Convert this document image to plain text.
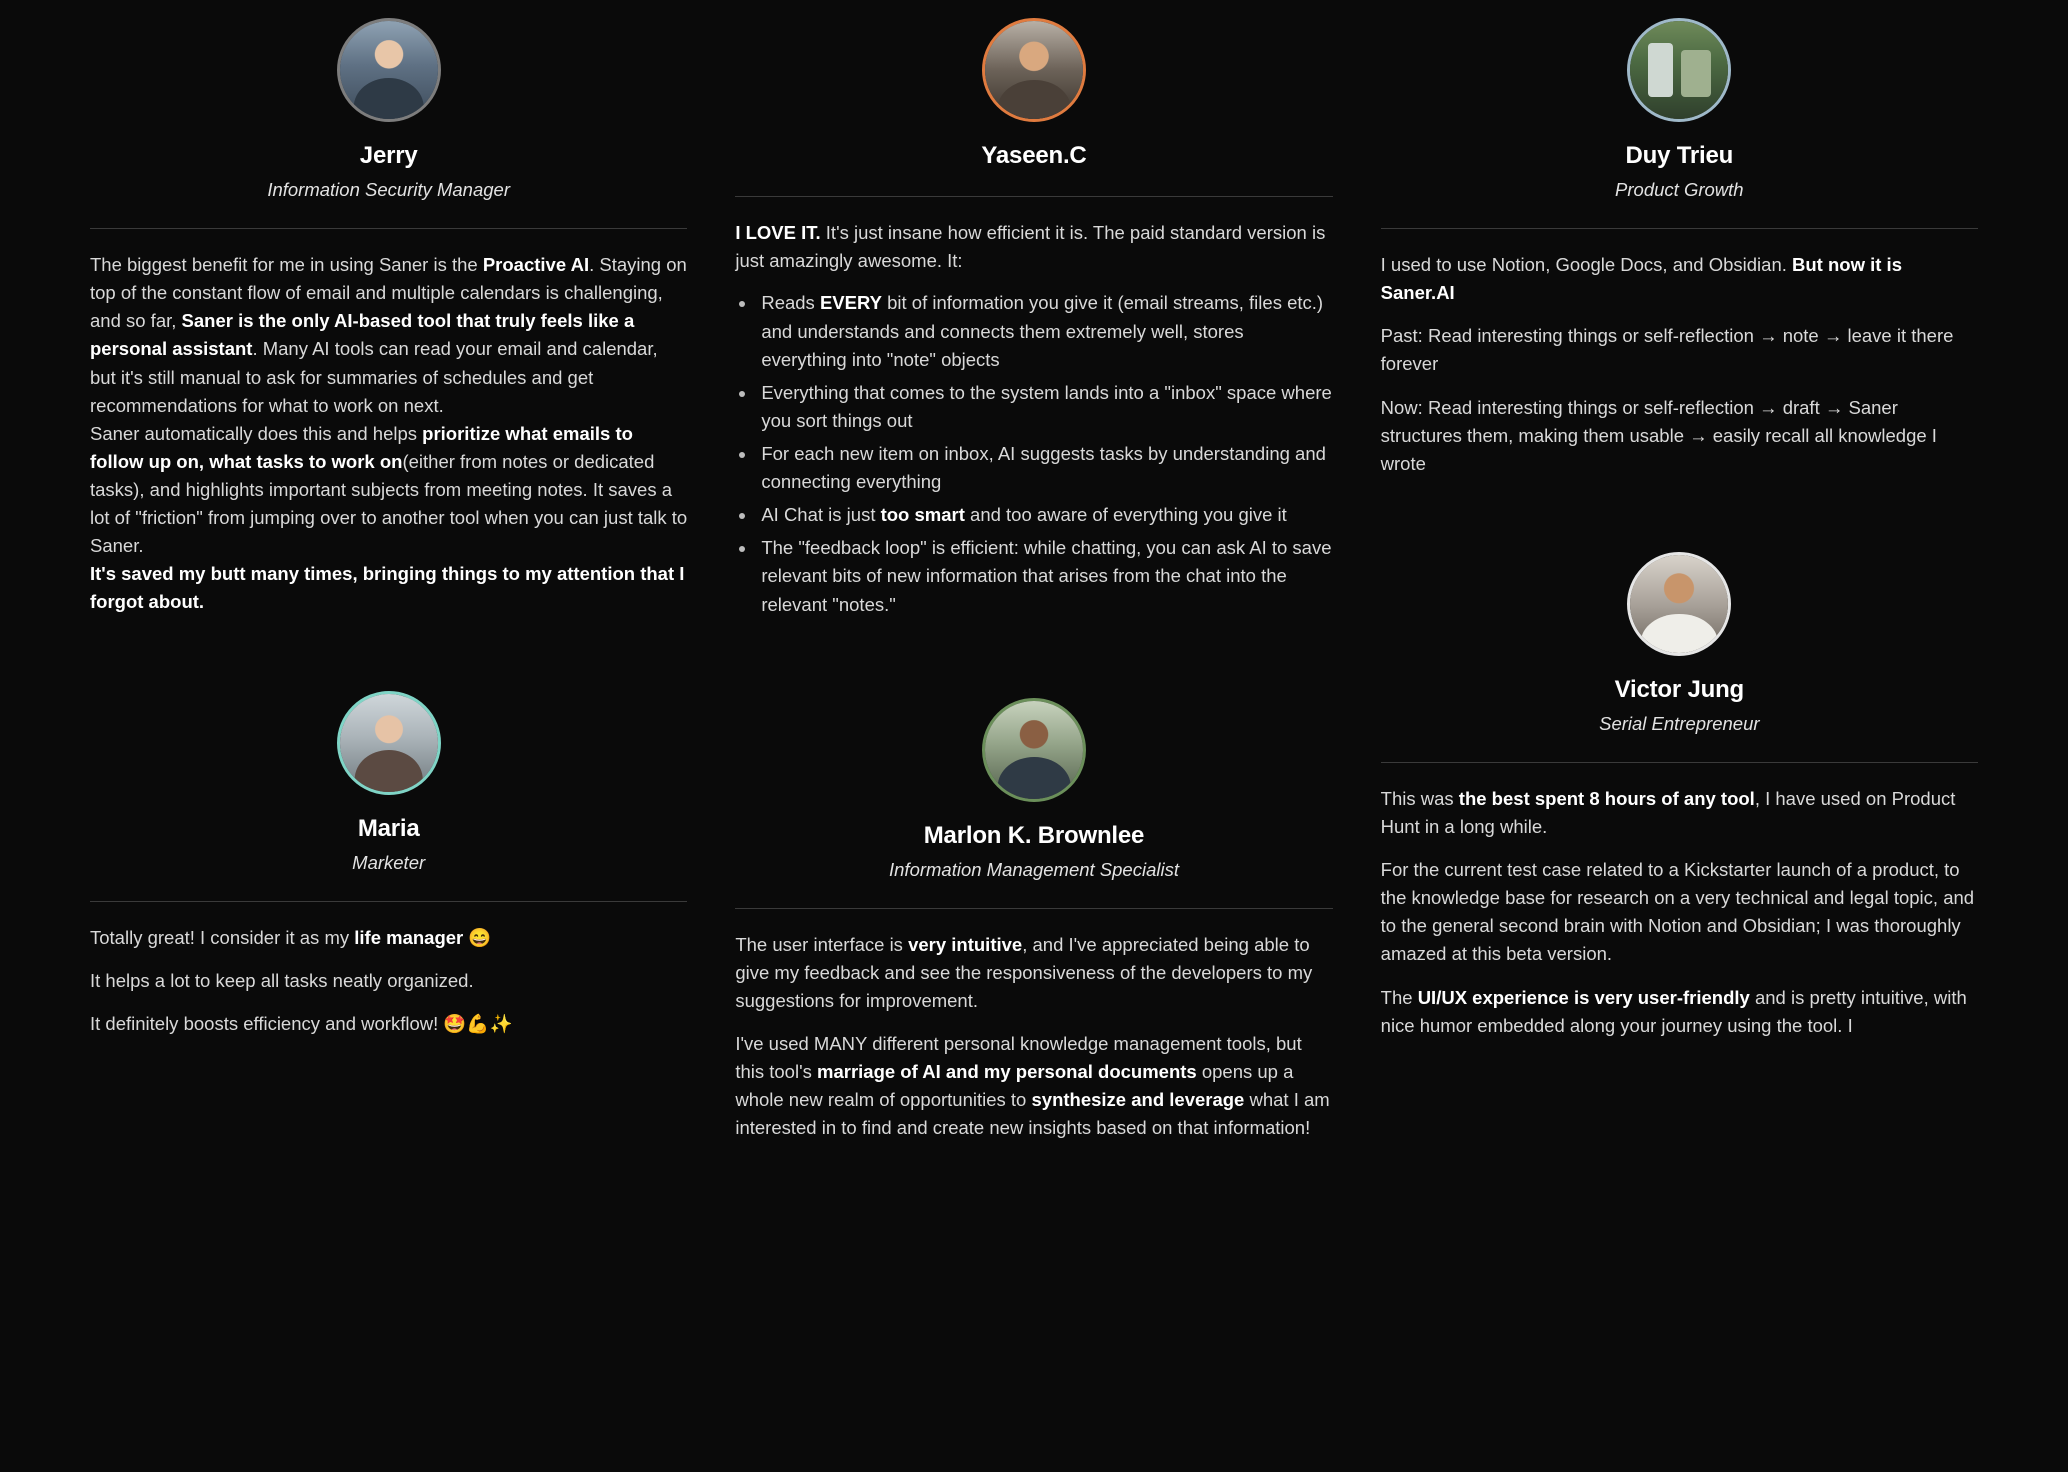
Jerry
Information Security Manager

The biggest benefit for me in using Saner is the Proactive AI. Staying on top of the constant flow of email and multiple calendars is challenging, and so far, Saner is the only AI-based tool that truly feels like a personal assistant. Many AI tools can read your email and calendar, but it's still manual to ask for summaries of schedules and get recommendations for what to work on next.

Saner automatically does this and helps prioritize what emails to follow up on, what tasks to work on(either from notes or dedicated tasks), and highlights important subjects from meeting notes. It saves a lot of "friction" from jumping over to another tool when you can just talk to Saner.

It's saved my butt many times, bringing things to my attention that I forgot about.

Maria
Marketer

Totally great! I consider it as my life manager 😄

It helps a lot to keep all tasks neatly organized.

It definitely boosts efficiency and workflow! 🤩💪✨

Yaseen.C

I LOVE IT. It's just insane how efficient it is. The paid standard version is just amazingly awesome. It:

• Reads EVERY bit of information you give it (email streams, files etc.) and understands and connects them extremely well, stores everything into "note" objects
• Everything that comes to the system lands into a "inbox" space where you sort things out
• For each new item on inbox, AI suggests tasks by understanding and connecting everything
• AI Chat is just too smart and too aware of everything you give it
• The "feedback loop" is efficient: while chatting, you can ask AI to save relevant bits of new information that arises from the chat into the relevant "notes."
Marlon K. Brownlee
Information Management Specialist

The user interface is very intuitive, and I've appreciated being able to give my feedback and see the responsiveness of the developers to my suggestions for improvement.

I've used MANY different personal knowledge management tools, but this tool's marriage of AI and my personal documents opens up a whole new realm of opportunities to synthesize and leverage what I am interested in to find and create new insights based on that information!

Duy Trieu
Product Growth

I used to use Notion, Google Docs, and Obsidian. But now it is Saner.AI

Past: Read interesting things or self-reflection → note → leave it there forever

Now: Read interesting things or self-reflection → draft → Saner structures them, making them usable → easily recall all knowledge I wrote

Victor Jung
Serial Entrepreneur

This was the best spent 8 hours of any tool, I have used on Product Hunt in a long while.

For the current test case related to a Kickstarter launch of a product, to the knowledge base for research on a very technical and legal topic, and to the general second brain with Notion and Obsidian; I was thoroughly amazed at this beta version.

The UI/UX experience is very user-friendly and is pretty intuitive, with nice humor embedded along your journey using the tool. I
